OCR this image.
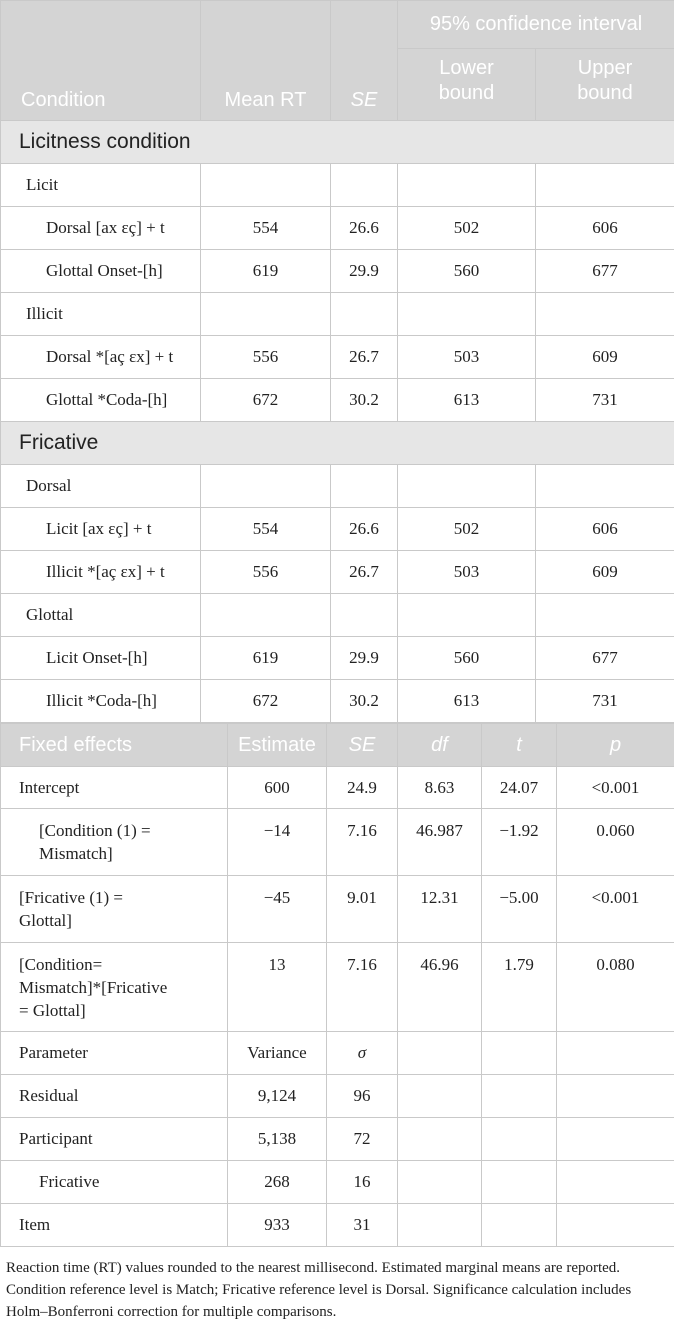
Condition	Mean RT	SE	95% confidence interval	
			Lower bound	Upper bound
Licitness condition				
Licit				
Dorsal [ax εç] + t	554	26.6	502	606
Glottal Onset-[h]	619	29.9	560	677
Illicit				
Dorsal *[aç εx] + t	556	26.7	503	609
Glottal *Coda-[h]	672	30.2	613	731
Fricative				
Dorsal				
Licit [ax εç] + t	554	26.6	502	606
Illicit *[aç εx] + t	556	26.7	503	609
Glottal				
Licit Onset-[h]	619	29.9	560	677
Illicit *Coda-[h]	672	30.2	613	731
Fixed effects	Estimate	SE	df	t	p

Intercept	600	24.9	8.63	24.07	<0.001

[Condition (1) =
Mismatch]	−14	7.16	46.987	−1.92	0.060

[Fricative (1) =
Glottal]	−45	9.01	12.31	−5.00	<0.001

[Condition=
Mismatch]*[Fricative
= Glottal]	13	7.16	46.96	1.79	0.080
Parameter	Variance	σ			
Residual	9,124	96			
Participant	5,138	72			
Fricative	268	16			
Item	933	31			

Reaction time (RT) values rounded to the nearest millisecond. Estimated marginal means are reported. Condition reference level is Match; Fricative reference level is Dorsal. Significance calculation includes Holm–Bonferroni correction for multiple comparisons.
